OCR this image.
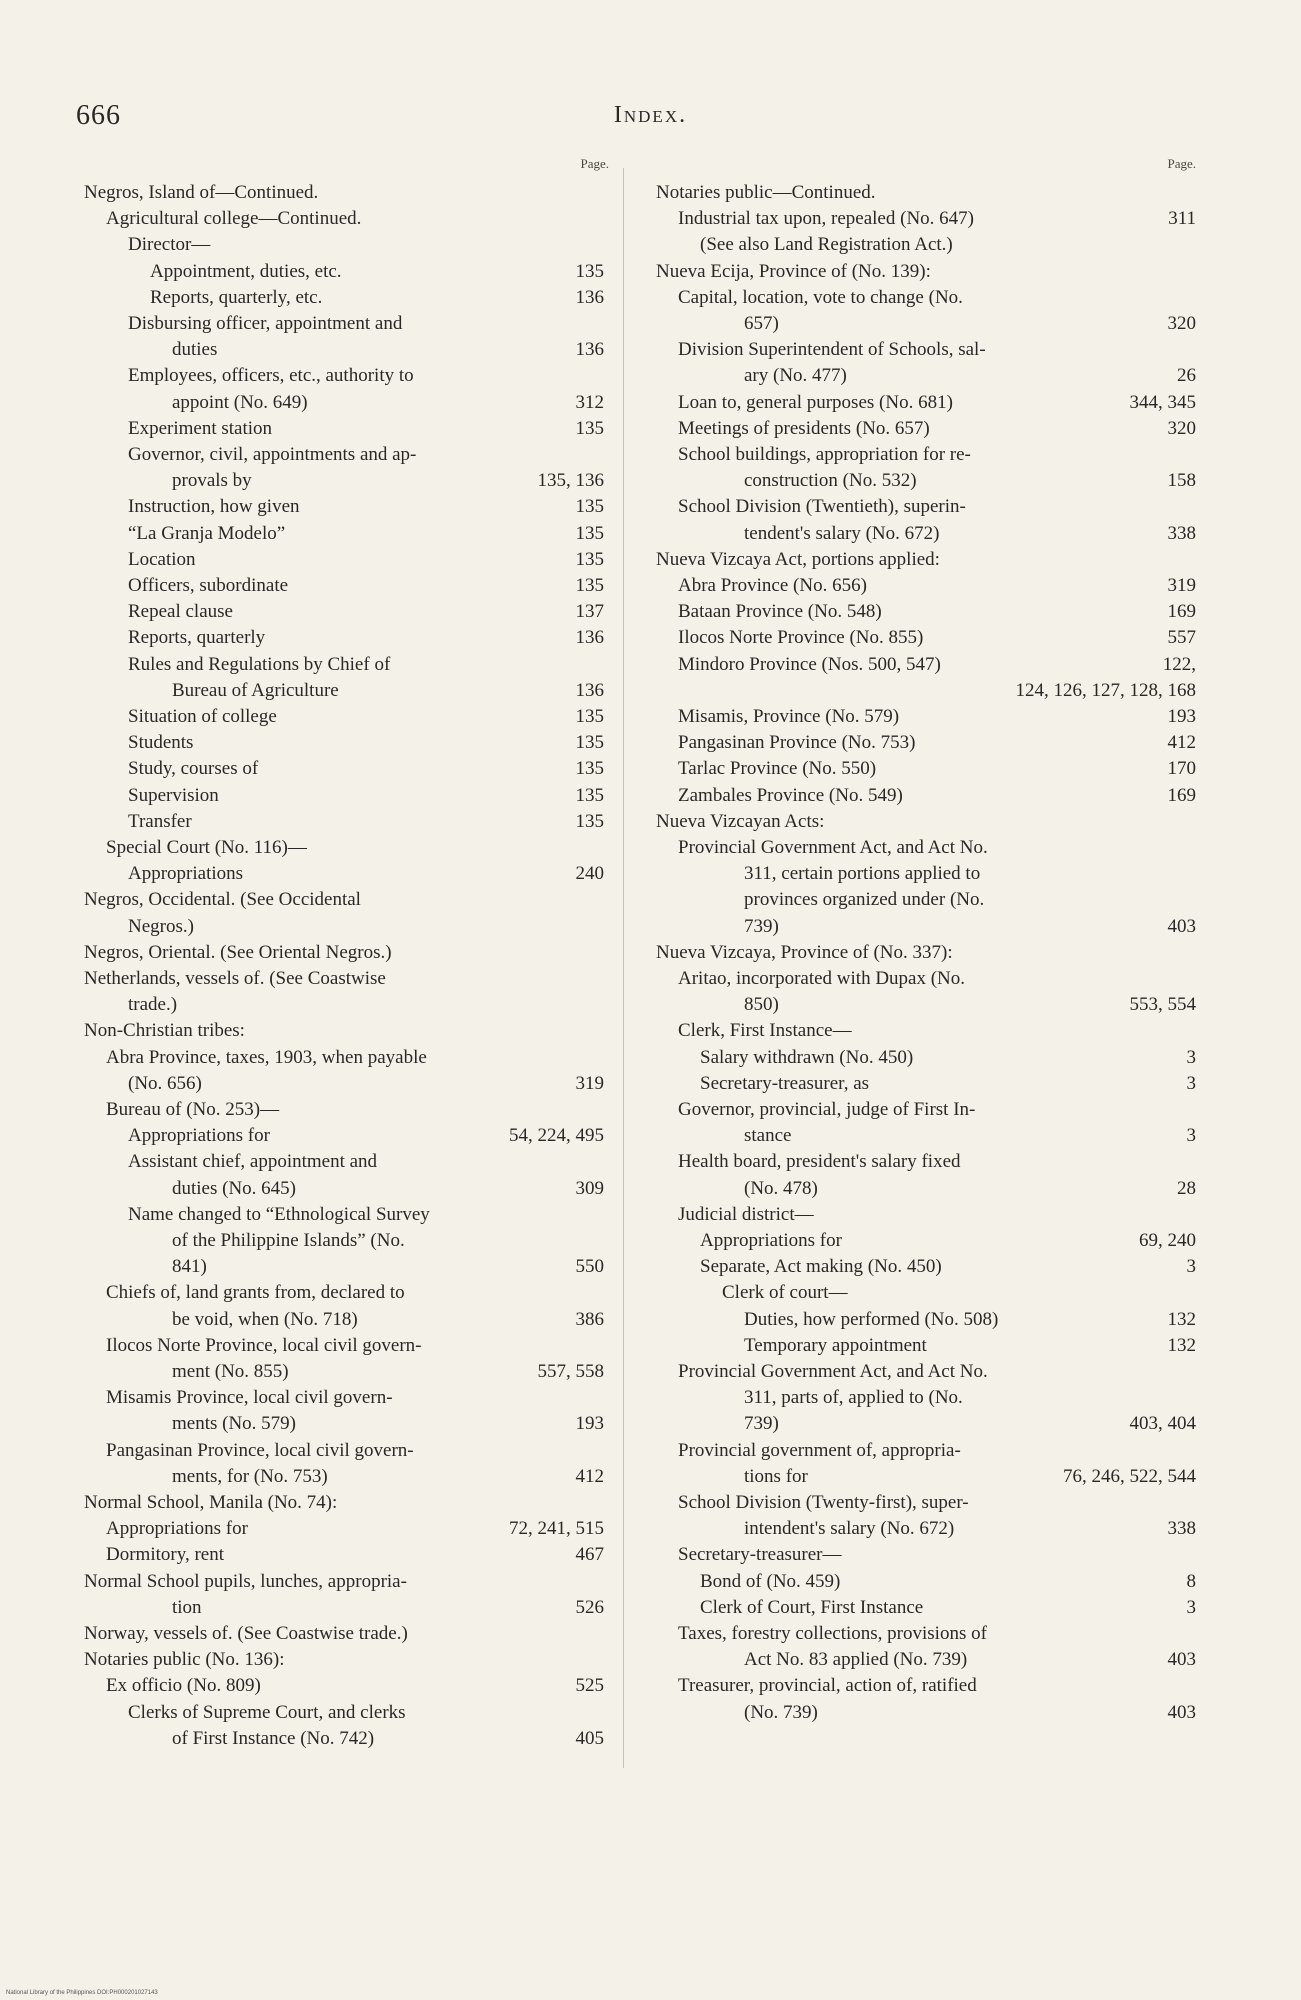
666	Index.
Page.
Negros, Island of—Continued.
Agricultural college—Continued.
Director—
Appointment, duties, etc.	135
Reports, quarterly, etc.	136
Disbursing officer, appointment and
duties	136
Employees, officers, etc., authority to
appoint (No. 649)	312
Experiment station	135
Governor, civil, appointments and ap-
provals by	135, 136
Instruction, how given	135
“La Granja Modelo”	135
Location	135
Officers, subordinate	135
Repeal clause	137
Reports, quarterly	136
Rules and Regulations by Chief of
Bureau of Agriculture	136
Situation of college	135
Students	135
Study, courses of	135
Supervision	135
Transfer	135
Special Court (No. 116)—
Appropriations	240
Negros, Occidental. (See Occidental
Negros.)
Negros, Oriental. (See Oriental Negros.)
Netherlands, vessels of. (See Coastwise
trade.)
Non-Christian tribes:
Abra Province, taxes, 1903, when payable
(No. 656)	319
Bureau of (No. 253)—
Appropriations for	54, 224, 495
Assistant chief, appointment and
duties (No. 645)	309
Name changed to “Ethnological Survey
of the Philippine Islands” (No.
841)	550
Chiefs of, land grants from, declared to
be void, when (No. 718)	386
Ilocos Norte Province, local civil govern-
ment (No. 855)	557, 558
Misamis Province, local civil govern-
ments (No. 579)	193
Pangasinan Province, local civil govern-
ments, for (No. 753)	412
Normal School, Manila (No. 74):
Appropriations for	72, 241, 515
Dormitory, rent	467
Normal School pupils, lunches, appropria-
tion	526
Norway, vessels of. (See Coastwise trade.)
Notaries public (No. 136):
Ex officio (No. 809)	525
Clerks of Supreme Court, and clerks
of First Instance (No. 742)	405
Page.
Notaries public—Continued.
Industrial tax upon, repealed (No. 647)	311
(See also Land Registration Act.)
Nueva Ecija, Province of (No. 139):
Capital, location, vote to change (No.
657)	320
Division Superintendent of Schools, sal-
ary (No. 477)	26
Loan to, general purposes (No. 681)	344, 345
Meetings of presidents (No. 657)	320
School buildings, appropriation for re-
construction (No. 532)	158
School Division (Twentieth), superin-
tendent's salary (No. 672)	338
Nueva Vizcaya Act, portions applied:
Abra Province (No. 656)	319
Bataan Province (No. 548)	169
Ilocos Norte Province (No. 855)	557
Mindoro Province (Nos. 500, 547)	122,
124, 126, 127, 128, 168
Misamis, Province (No. 579)	193
Pangasinan Province (No. 753)	412
Tarlac Province (No. 550)	170
Zambales Province (No. 549)	169
Nueva Vizcayan Acts:
Provincial Government Act, and Act No.
311, certain portions applied to
provinces organized under (No.
739)	403
Nueva Vizcaya, Province of (No. 337):
Aritao, incorporated with Dupax (No.
850)	553, 554
Clerk, First Instance—
Salary withdrawn (No. 450)	3
Secretary-treasurer, as	3
Governor, provincial, judge of First In-
stance	3
Health board, president's salary fixed
(No. 478)	28
Judicial district—
Appropriations for	69, 240
Separate, Act making (No. 450)	3
Clerk of court—
Duties, how performed (No. 508)	132
Temporary appointment	132
Provincial Government Act, and Act No.
311, parts of, applied to (No.
739)	403, 404
Provincial government of, appropria-
tions for	76, 246, 522, 544
School Division (Twenty-first), super-
intendent's salary (No. 672)	338
Secretary-treasurer—
Bond of (No. 459)	8
Clerk of Court, First Instance	3
Taxes, forestry collections, provisions of
Act No. 83 applied (No. 739)	403
Treasurer, provincial, action of, ratified
(No. 739)	403
National Library of the Philippines DOI:PH000201027143
